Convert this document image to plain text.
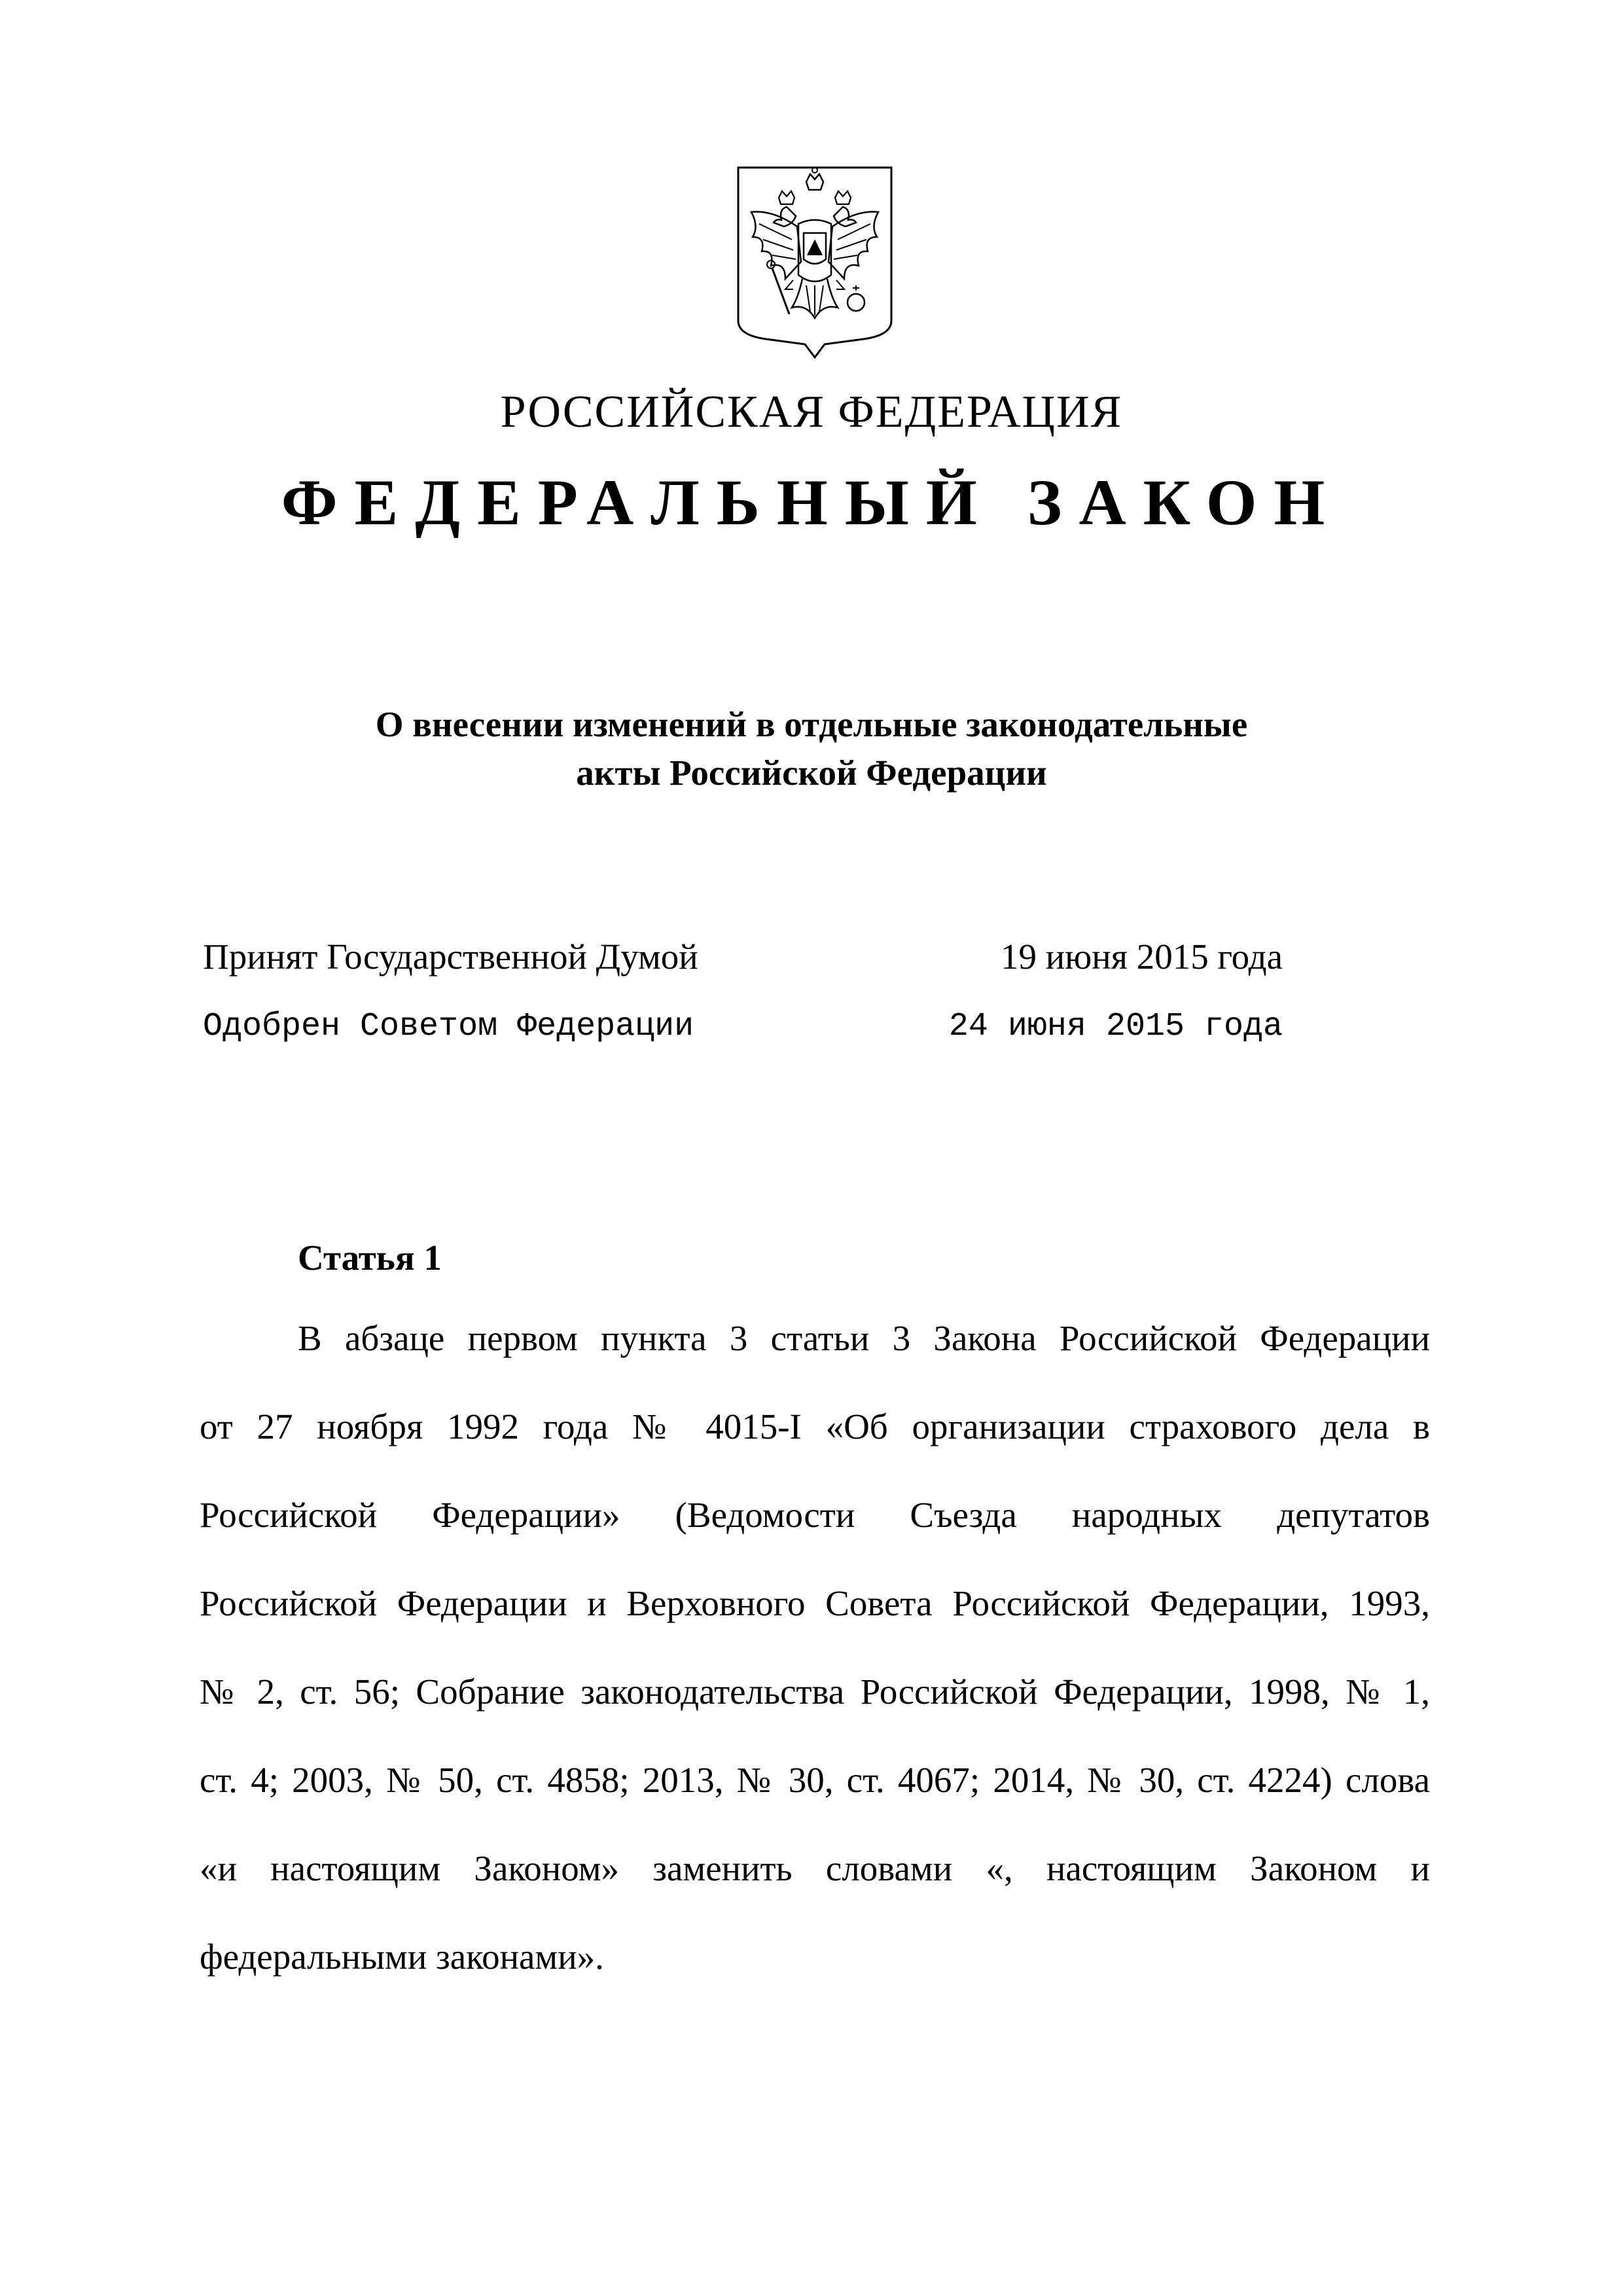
РОССИЙСКАЯ ФЕДЕРАЦИЯ
ФЕДЕРАЛЬНЫЙ ЗАКОН
О внесении изменений в отдельные законодательные
акты Российской Федерации
Принят Государственной Думой	19 июня 2015 года
Одобрен Советом Федерации	24 июня 2015 года
Статья 1
В абзаце первом пункта 3 статьи 3 Закона Российской Федерации
от 27 ноября 1992 года № 4015-I «Об организации страхового дела в
Российской Федерации» (Ведомости Съезда народных депутатов
Российской Федерации и Верховного Совета Российской Федерации, 1993,
№ 2, ст. 56; Собрание законодательства Российской Федерации, 1998, № 1,
ст. 4; 2003, № 50, ст. 4858; 2013, № 30, ст. 4067; 2014, № 30, ст. 4224) слова
«и настоящим Законом» заменить словами «, настоящим Законом и
федеральными законами».
